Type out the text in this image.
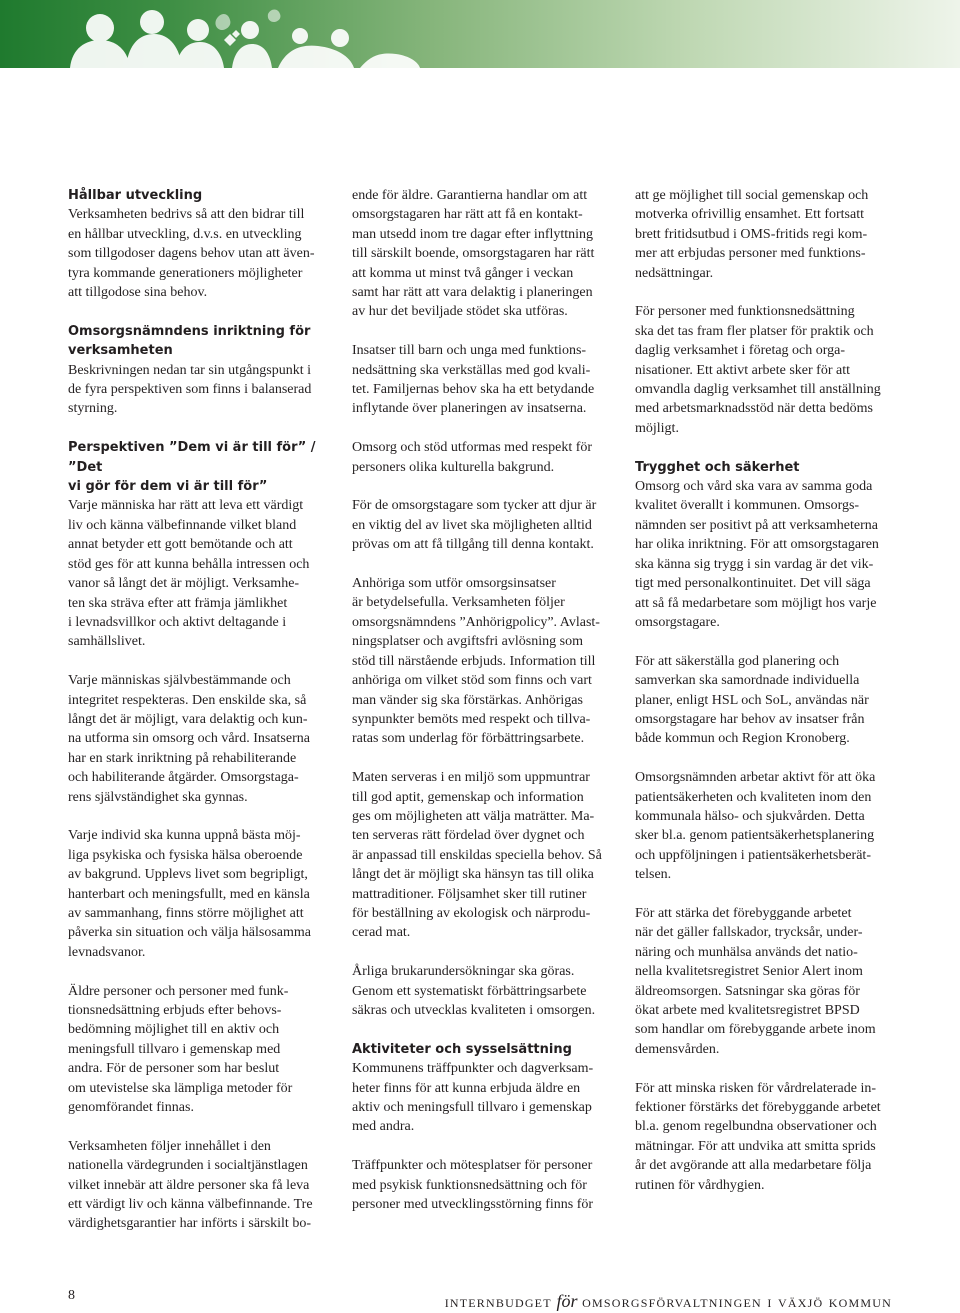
Hållbar utveckling

Verksamheten bedrivs så att den bidrar till
en hållbar utveckling, d.v.s. en utveckling
som tillgodoser dagens behov utan att även-
tyra kommande generationers möjligheter
att tillgodose sina behov.

Omsorgsnämndens inriktning för
verksamheten

Beskrivningen nedan tar sin utgångspunkt i
de fyra perspektiven som finns i balanserad
styrning.

Perspektiven ”Dem vi är till för” / ”Det
vi gör för dem vi är till för”

Varje människa har rätt att leva ett värdigt
liv och känna välbefinnande vilket bland
annat betyder ett gott bemötande och att
stöd ges för att kunna behålla intressen och
vanor så långt det är möjligt. Verksamhe-
ten ska sträva efter att främja jämlikhet
i levnadsvillkor och aktivt deltagande i
samhällslivet.

Varje människas självbestämmande och
integritet respekteras. Den enskilde ska, så
långt det är möjligt, vara delaktig och kun-
na utforma sin omsorg och vård. Insatserna
har en stark inriktning på rehabiliterande
och habiliterande åtgärder. Omsorgstaga-
rens självständighet ska gynnas.

Varje individ ska kunna uppnå bästa möj-
liga psykiska och fysiska hälsa oberoende
av bakgrund. Upplevs livet som begripligt,
hanterbart och meningsfullt, med en känsla
av sammanhang, finns större möjlighet att
påverka sin situation och välja hälsosamma
levnadsvanor.

Äldre personer och personer med funk-
tionsnedsättning erbjuds efter behovs-
bedömning möjlighet till en aktiv och
meningsfull tillvaro i gemenskap med
andra. För de personer som har beslut
om utevistelse ska lämpliga metoder för
genomförandet finnas.

Verksamheten följer innehållet i den
nationella värdegrunden i socialtjänstlagen
vilket innebär att äldre personer ska få leva
ett värdigt liv och känna välbefinnande. Tre
värdighetsgarantier har införts i särskilt bo-

ende för äldre. Garantierna handlar om att
omsorgstagaren har rätt att få en kontakt-
man utsedd inom tre dagar efter inflyttning
till särskilt boende, omsorgstagaren har rätt
att komma ut minst två gånger i veckan
samt har rätt att vara delaktig i planeringen
av hur det beviljade stödet ska utföras.

Insatser till barn och unga med funktions-
nedsättning ska verkställas med god kvali-
tet. Familjernas behov ska ha ett betydande
inflytande över planeringen av insatserna.

Omsorg och stöd utformas med respekt för
personers olika kulturella bakgrund.

För de omsorgstagare som tycker att djur är
en viktig del av livet ska möjligheten alltid
prövas om att få tillgång till denna kontakt.

Anhöriga som utför omsorgsinsatser
är betydelsefulla. Verksamheten följer
omsorgsnämndens ”Anhörigpolicy”. Avlast-
ningsplatser och avgiftsfri avlösning som
stöd till närstående erbjuds. Information till
anhöriga om vilket stöd som finns och vart
man vänder sig ska förstärkas. Anhörigas
synpunkter bemöts med respekt och tillva-
ratas som underlag för förbättringsarbete.

Maten serveras i en miljö som uppmuntrar
till god aptit, gemenskap och information
ges om möjligheten att välja maträtter. Ma-
ten serveras rätt fördelad över dygnet och
är anpassad till enskildas speciella behov. Så
långt det är möjligt ska hänsyn tas till olika
mattraditioner. Följsamhet sker till rutiner
för beställning av ekologisk och närprodu-
cerad mat.

Årliga brukarundersökningar ska göras.
Genom ett systematiskt förbättringsarbete
säkras och utvecklas kvaliteten i omsorgen.

Aktiviteter och sysselsättning

Kommunens träffpunkter och dagverksam-
heter finns för att kunna erbjuda äldre en
aktiv och meningsfull tillvaro i gemenskap
med andra.

Träffpunkter och mötesplatser för personer
med psykisk funktionsnedsättning och för
personer med utvecklingsstörning finns för

att ge möjlighet till social gemenskap och
motverka ofrivillig ensamhet. Ett fortsatt
brett fritidsutbud i OMS-fritids regi kom-
mer att erbjudas personer med funktions-
nedsättningar.

För personer med funktionsnedsättning
ska det tas fram fler platser för praktik och
daglig verksamhet i företag och orga-
nisationer. Ett aktivt arbete sker för att
omvandla daglig verksamhet till anställning
med arbetsmarknadsstöd när detta bedöms
möjligt.

Trygghet och säkerhet

Omsorg och vård ska vara av samma goda
kvalitet överallt i kommunen. Omsorgs-
nämnden ser positivt på att verksamheterna
har olika inriktning. För att omsorgstagaren
ska känna sig trygg i sin vardag är det vik-
tigt med personalkontinuitet. Det vill säga
att så få medarbetare som möjligt hos varje
omsorgstagare.

För att säkerställa god planering och
samverkan ska samordnade individuella
planer, enligt HSL och SoL, användas när
omsorgstagare har behov av insatser från
både kommun och Region Kronoberg.

Omsorgsnämnden arbetar aktivt för att öka
patientsäkerheten och kvaliteten inom den
kommunala hälso- och sjukvården. Detta
sker bl.a. genom patientsäkerhetsplanering
och uppföljningen i patientsäkerhetsberät-
telsen.

För att stärka det förebyggande arbetet
när det gäller fallskador, trycksår, under-
näring och munhälsa används det natio-
nella kvalitetsregistret Senior Alert inom
äldreomsorgen. Satsningar ska göras för
ökat arbete med kvalitetsregistret BPSD
som handlar om förebyggande arbete inom
demensvården.

För att minska risken för vårdrelaterade in-
fektioner förstärks det förebyggande arbetet
bl.a. genom regelbundna observationer och
mätningar. För att undvika att smitta sprids
år det avgörande att alla medarbetare följa
rutinen för vårdhygien.

8	internbudget för omsorgsförvaltningen i växjö kommun
